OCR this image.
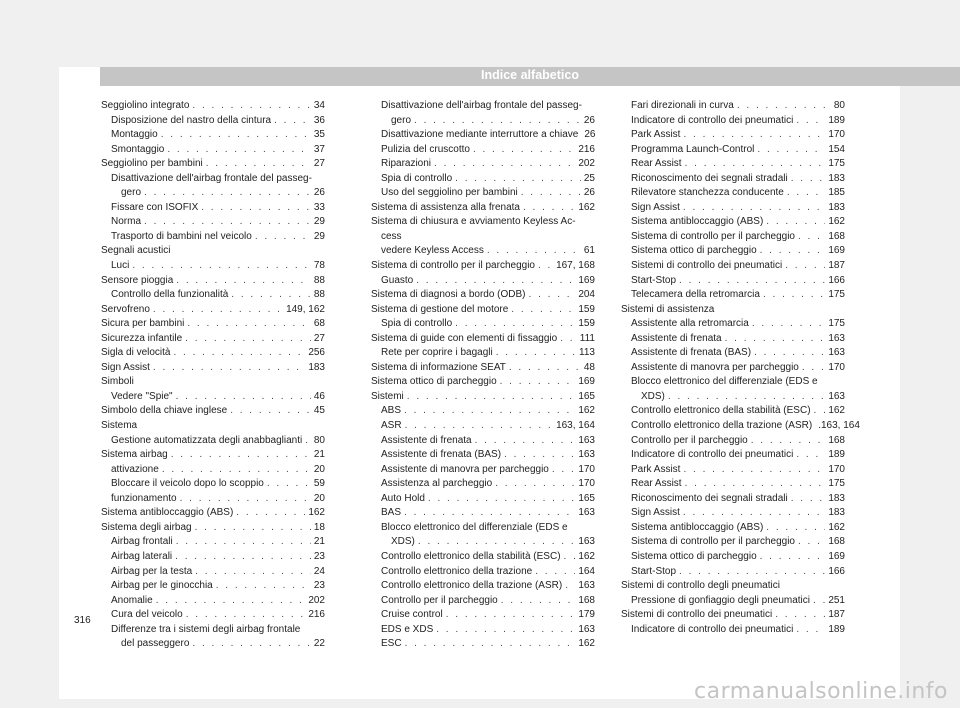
Indice alfabetico
Seggiolino integrato . . .	34
Disposizione del nastro della cintura . . .	36
Montaggio . . .	35
Smontaggio . . .	37
Seggiolino per bambini . . .	27
Disattivazione dell'airbag frontale del passeg-
gero . . .	26
Fissare con ISOFIX . . .	33
Norma . . .	29
Trasporto di bambini nel veicolo . . .	29
Segnali acustici
Luci . . .	78
Sensore pioggia . . .	88
Controllo della funzionalità . . .	88
Servofreno . . .	149, 162
Sicura per bambini . . .	68
Sicurezza infantile . . .	27
Sigla di velocità . . .	256
Sign Assist . . .	183
Simboli
Vedere "Spie" . . .	46
Simbolo della chiave inglese . . .	45
Sistema
Gestione automatizzata degli anabbaglianti . . . 80
Sistema airbag . . .	21
attivazione . . .	20
Bloccare il veicolo dopo lo scoppio . . .	59
funzionamento . . .	20
Sistema antibloccaggio (ABS) . . .	162
Sistema degli airbag . . .	18
Airbag frontali . . .	21
Airbag laterali . . .	23
Airbag per la testa . . .	24
Airbag per le ginocchia . . .	23
Anomalie . . .	202
Cura del veicolo . . .	216
Differenze tra i sistemi degli airbag frontale
del passeggero . . .	22
Disattivazione dell'airbag frontale del passeg-
gero . . .	26
Disattivazione mediante interruttore a chiave 26
Pulizia del cruscotto . . .	216
Riparazioni . . .	202
Spia di controllo . . .	25
Uso del seggiolino per bambini . . .	26
Sistema di assistenza alla frenata . . .	162
Sistema di chiusura e avviamento Keyless Ac-
cess
vedere Keyless Access . . .	61
Sistema di controllo per il parcheggio . . . 167, 168
Guasto . . .	169
Sistema di diagnosi a bordo (ODB) . . .	204
Sistema di gestione del motore . . .	159
Spia di controllo . . .	159
Sistema di guide con elementi di fissaggio . . . 111
Rete per coprire i bagagli . . .	113
Sistema di informazione SEAT . . .	48
Sistema ottico di parcheggio . . .	169
Sistemi . . .	165
ABS . . .	162
ASR . . .	163, 164
Assistente di frenata . . .	163
Assistente di frenata (BAS) . . .	163
Assistente di manovra per parcheggio . . .	170
Assistenza al parcheggio . . .	170
Auto Hold . . .	165
BAS . . .	163
Blocco elettronico del differenziale (EDS e
XDS) . . .	163
Controllo elettronico della stabilità (ESC) . . . 162
Controllo elettronico della trazione . . .	164
Controllo elettronico della trazione (ASR) . . . 163
Controllo per il parcheggio . . .	168
Cruise control . . .	179
EDS e XDS . . .	163
ESC . . .	162
Fari direzionali in curva . . .	80
Indicatore di controllo dei pneumatici . . .	189
Park Assist . . .	170
Programma Launch-Control . . .	154
Rear Assist . . .	175
Riconoscimento dei segnali stradali . . .	183
Rilevatore stanchezza conducente . . .	185
Sign Assist . . .	183
Sistema antibloccaggio (ABS) . . .	162
Sistema di controllo per il parcheggio . . .	168
Sistema ottico di parcheggio . . .	169
Sistemi di controllo dei pneumatici . . .	187
Start-Stop . . .	166
Telecamera della retromarcia . . .	175
Sistemi di assistenza
Assistente alla retromarcia . . .	175
Assistente di frenata . . .	163
Assistente di frenata (BAS) . . .	163
Assistente di manovra per parcheggio . . .	170
Blocco elettronico del differenziale (EDS e
XDS) . . .	163
Controllo elettronico della stabilità (ESC) . . . 162
Controllo elettronico della trazione (ASR) .163, 164
Controllo per il parcheggio . . .	168
Indicatore di controllo dei pneumatici . . .	189
Park Assist . . .	170
Rear Assist . . .	175
Riconoscimento dei segnali stradali . . .	183
Sign Assist . . .	183
Sistema antibloccaggio (ABS) . . .	162
Sistema di controllo per il parcheggio . . .	168
Sistema ottico di parcheggio . . .	169
Start-Stop . . .	166
Sistemi di controllo degli pneumatici
Pressione di gonfiaggio degli pneumatici . . . 251
Sistemi di controllo dei pneumatici . . .	187
Indicatore di controllo dei pneumatici . . .	189
316
carmanualsonline.info
